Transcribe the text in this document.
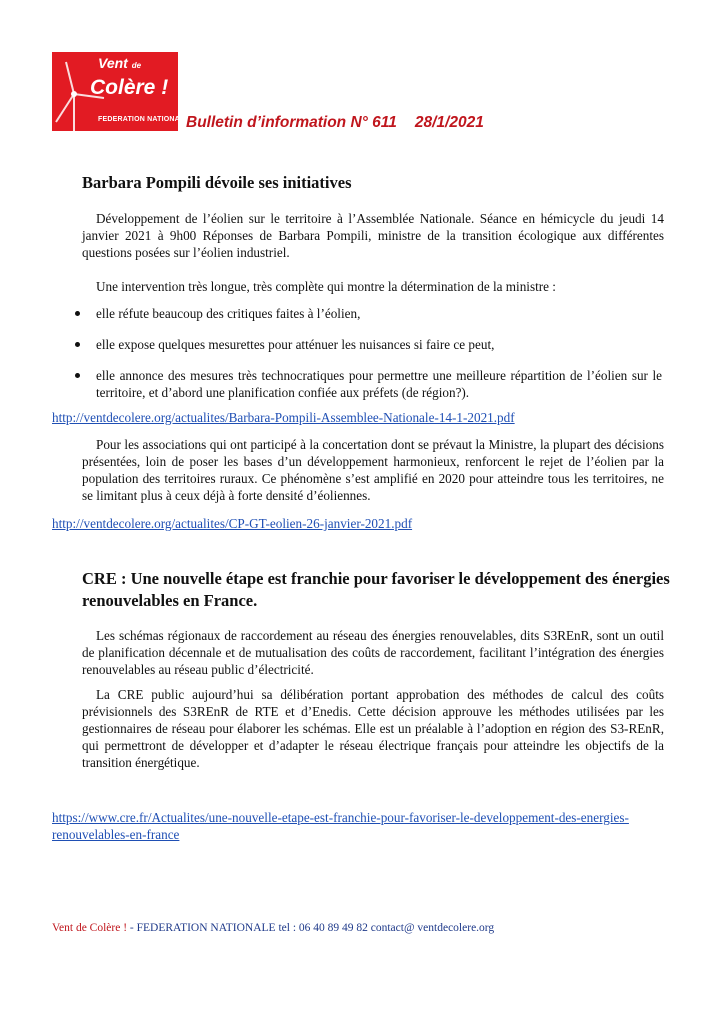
Vent de
Colère !
FEDERATION NATIONALE
Bulletin d’information N° 611 28/1/2021
Barbara Pompili dévoile ses initiatives
Développement de l’éolien sur le territoire à l’Assemblée Nationale. Séance en hémicycle du jeudi 14 janvier 2021 à 9h00 Réponses de Barbara Pompili, ministre de la transition écologique aux différentes questions posées sur l’éolien industriel.
Une intervention très longue, très complète qui montre la détermination de la ministre :
elle réfute beaucoup des critiques faites à l’éolien,
elle expose quelques mesurettes pour atténuer les nuisances si faire ce peut,
elle annonce des mesures très technocratiques pour permettre une meilleure répartition de l’éolien sur le territoire, et d’abord une planification confiée aux préfets (de région?).
http://ventdecolere.org/actualites/Barbara-Pompili-Assemblee-Nationale-14-1-2021.pdf
Pour les associations qui ont participé à la concertation dont se prévaut la Ministre, la plupart des décisions présentées, loin de poser les bases d’un développement harmonieux, renforcent le rejet de l’éolien par la population des territoires ruraux. Ce phénomène s’est amplifié en 2020 pour atteindre tous les territoires, ne se limitant plus à ceux déjà à forte densité d’éoliennes.
http://ventdecolere.org/actualites/CP-GT-eolien-26-janvier-2021.pdf
CRE : Une nouvelle étape est franchie pour favoriser le développement des énergies renouvelables en France.
Les schémas régionaux de raccordement au réseau des énergies renouvelables, dits S3REnR, sont un outil de planification décennale et de mutualisation des coûts de raccordement, facilitant l’intégration des énergies renouvelables au réseau public d’électricité.
La CRE public aujourd’hui sa délibération portant approbation des méthodes de calcul des coûts prévisionnels des S3REnR de RTE et d’Enedis. Cette décision approuve les méthodes utilisées par les gestionnaires de réseau pour élaborer les schémas. Elle est un préalable à l’adoption en région des S3-REnR, qui permettront de développer et d’adapter le réseau électrique français pour atteindre les objectifs de la transition énergétique.
https://www.cre.fr/Actualites/une-nouvelle-etape-est-franchie-pour-favoriser-le-developpement-des-energies-renouvelables-en-france
Vent de Colère ! - FEDERATION NATIONALE tel : 06 40 89 49 82 contact@ ventdecolere.org
